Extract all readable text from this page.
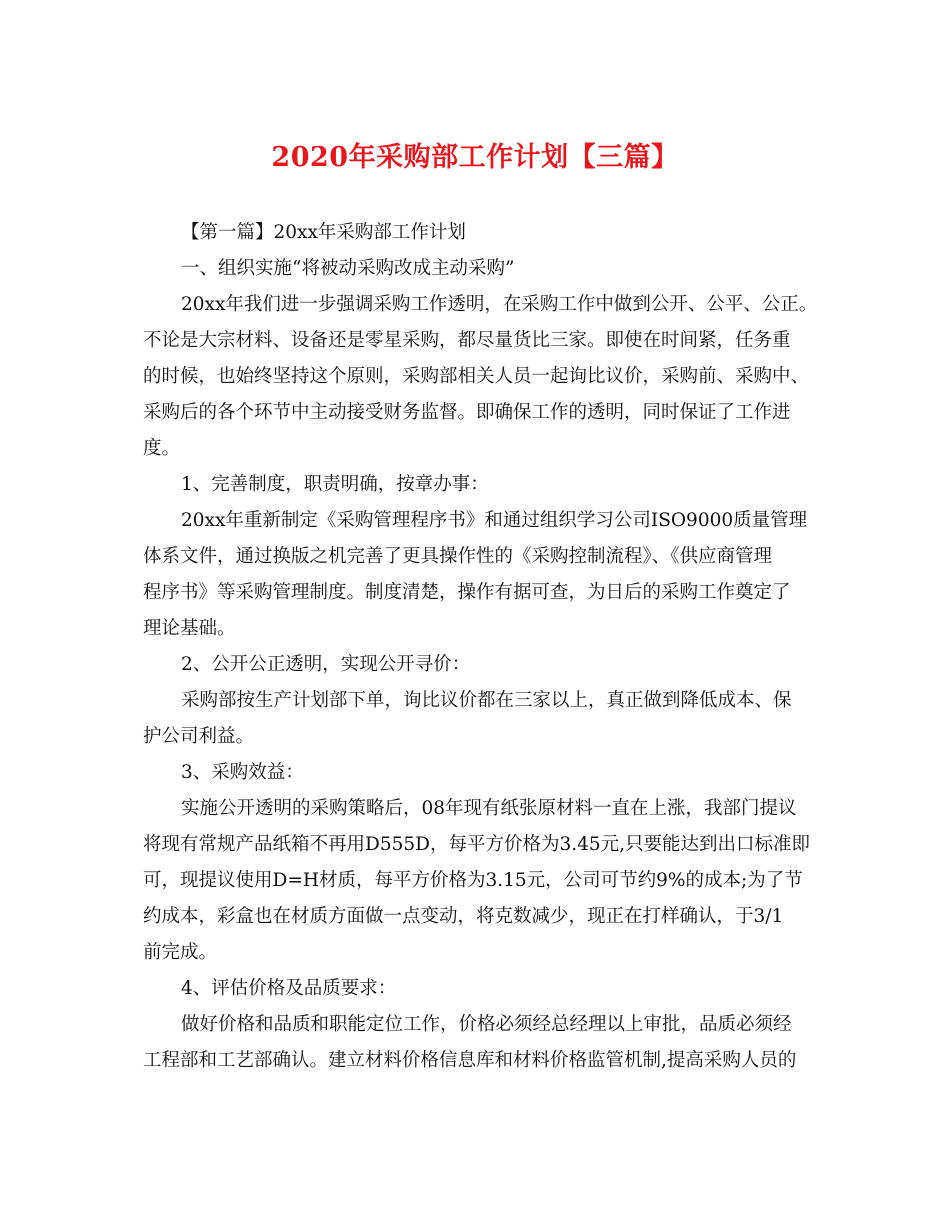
2020年采购部工作计划【三篇】
【第一篇】20xx年采购部工作计划
一、组织实施“将被动采购改成主动采购”
20xx年我们进一步强调采购工作透明，在采购工作中做到公开、公平、公正。
不论是大宗材料、设备还是零星采购，都尽量货比三家。即使在时间紧，任务重
的时候，也始终坚持这个原则，采购部相关人员一起询比议价，采购前、采购中、
采购后的各个环节中主动接受财务监督。即确保工作的透明，同时保证了工作进
度。
1、完善制度，职责明确，按章办事：
20xx年重新制定《采购管理程序书》和通过组织学习公司ISO9000质量管理
体系文件，通过换版之机完善了更具操作性的《采购控制流程》、《供应商管理
程序书》等采购管理制度。制度清楚，操作有据可查，为日后的采购工作奠定了
理论基础。
2、公开公正透明，实现公开寻价：
采购部按生产计划部下单，询比议价都在三家以上，真正做到降低成本、保
护公司利益。
3、采购效益：
实施公开透明的采购策略后，08年现有纸张原材料一直在上涨，我部门提议
将现有常规产品纸箱不再用D555D，每平方价格为3.45元,只要能达到出口标准即
可，现提议使用D=H材质，每平方价格为3.15元，公司可节约9%的成本;为了节
约成本，彩盒也在材质方面做一点变动，将克数减少，现正在打样确认，于3/1
前完成。
4、评估价格及品质要求：
做好价格和品质和职能定位工作，价格必须经总经理以上审批，品质必须经
工程部和工艺部确认。建立材料价格信息库和材料价格监管机制,提高采购人员的
